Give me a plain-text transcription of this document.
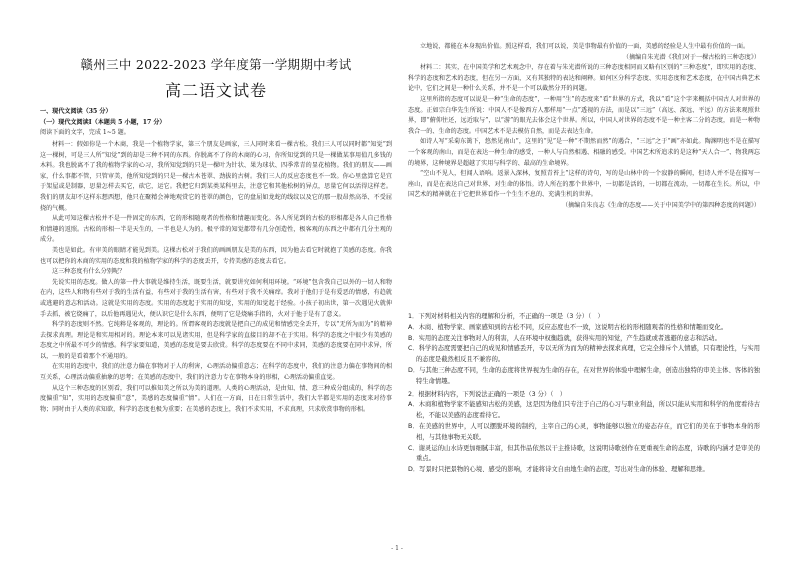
赣州三中 2022-2023 学年度第一学期期中考试
高二语文试卷

一、现代文阅读（35 分）

（一）现代文阅读Ⅰ（本题共 5 小题，17 分）

阅读下面的文字，完成 1~5 题。

材料一：假如你是一个木商，我是一个植物学家，第三个朋友是画家，三人同时来看一棵古松。我们三人可以同时都“知觉”到这一棵树，可是三人所“知觉”到的却是三种不同的东西。你脱离不了你的木商的心习，你所知觉到的只是一棵做某事用值几多钱的木料。我也脱离不了我的植物学家的心习，我所知觉到的只是一棵叶为针状、果为球状、四季常青的显花植物。我们的朋友——画家，什么事都不管，只管审美，他所知觉到的只是一棵古木苍翠、劲拔的古树。我们三人的反应态度也不一致。你心里盘算它是宜于架屋或是制器，思量怎样去买它，砍它，运它。我把它归到某类某科里去，注意它和其他松树的异点，思量它何以活得这样老。我们的朋友却不这样东想西想，他只在聚精会神地观赏它的苍翠的颜色，它的盘屈如龙蛇的线纹以及它的那一股昂然高举、不受屈挠的气概。

从此可知这棵古松并不是一件固定的东西，它的形相随观者的性格和情趣而变化。各人所见到的古松的形相都是各人自己性格和情趣的返照。古松的形相一半是天生的，一半也是人为的。极平常的知觉都带有几分创造性，极客观的东西之中都有几分主观的成分。

美也是如此。有审美的眼睛才能见到美。这棵古松对于我们的画画朋友是美的东西，因为他去看它时就抱了美感的态度。你我也可以把你的木商的实用的态度和我的植物学家的科学的态度丢开，专持美感的态度去看它。

这三种态度有什么分别呢？

先说实用的态度。做人的第一件大事就是维持生活，既要生活，就要讲究如何利用环境。“环境”包含我自己以外的一切人和物在内，这些人和物有些对于我的生活有益，有些对于我的生活有害，有些对于我不关痛痒。我对于他们于是有爱恶的情感，有趋就或逃避的意志和活动。这就是实用的态度。实用的态度起于实用的知觉，实用的知觉起于经验。小孩子初出世，第一次遇见火就伸手去抓，被它烧痛了，以后他再遇见火，便认识它是什么东西，便明了它是烧痛手指的，火对于他于是有了意义。

科学的态度则不然。它纯粹是客观的，理论的。所谓客观的态度就是把自己的成见和情感完全丢开，专以“无所为而为”的精神去探求真理。理论是和实用相对的。理论本来可以见诸实用，但是科学家的直接目的却不在于实用。科学的态度之中很少有美感的态度之中所最不可少的情感。科学家要知道，美感的态度是要去欣赏。科学的态度要在不同中求同，美感的态度要在同中求异，所以，一般的是看着那个不通用的。

在实用的态度中，我们的注意力偏在事物对于人的利害，心理活动偏重意志；在科学的态度中，我们的注意力偏在事物间的相互关系，心理活动偏重抽象的思考；在美感的态度中，我们的注意力专在事物本身的形相，心理活动偏重直觉。

从这个三种态度的区别看，我们可以推知美之所以为美的道理。人类的心理活动，是由知、情、意三种成分组成的，科学的态度偏重“知”，实用的态度偏重“意”，美感的态度偏重“情”。人们在一方面，日在日常生活中，我们大半都是实用的态度来对待事物；同时由于人类的求知欲，科学的态度也极为重要；在美感的态度上，我们不求实用，不求真理，只求欣赏事物的形相。

立地说，都能在本身现出价值。照这样看，我们可以说，美是事物最有价值的一面，美感的经验是人生中最有价值的一面。

（摘编自朱光潜《我们对于一棵古松的三种态度》）

材料二：其实，在中国美学和艺术观念中，存在着与朱光潜所说的三种态度相同而又略有区别的“三种态度”，即实用的态度、科学的态度和艺术的态度，但在另一方面，又有其独特的表达和阐释。如何区分科学态度、实用态度和艺术态度，在中国古典艺术论中，它们之间是一种什么关系，并不是一个可以截然分开的问题。

这里所指的态度可以说是一种“生命的态度”，一种用“生”的态度来“看”世界的方式，我以“看”这个字来概括中国古人对世界的态度。正如宗白华先生所说：中国人不是像西方人那样用“一点”透视的方法，而是以“三远”（高远、深远、平远）的方法来观照世界，即“俯仰往还，远近取与”，以“游”的眼光去体会这个世界。所以，中国人对世界的态度不是一种主客二分的态度，而是一种物我合一的、生命的态度。中国艺术不是去模仿自然，而是去表达生命。

如诗人写“采菊东篱下，悠然见南山”，这里的“见”是一种“不期然而然”的遇合，“三远”之于“画”亦如此。陶渊明也不是在描写一个客观的南山，而是在表达一种生命的感受，一种人与自然相遇、相融的感受。中国艺术所追求的是这种“天人合一”、物我两忘的境界，这种境界是超越了实用与科学的、最高的生命境界。

“空山不见人，但闻人语响。返景入深林，复照青苔上”这样的诗句，写的是山林中的一个寂静的瞬间，但诗人并不是在描写一座山，而是在表达自己对世界、对生命的体悟。诗人所在的那个世界中，一切都是活的，一切都在流动，一切都在生长。所以，中国艺术的精神就在于它把世界看作一个生生不息的、充满生机的世界。

（摘编自朱良志《生命的态度——关于中国美学中的第四种态度的问题》）

1．下列对材料相关内容的理解和分析，不正确的一项是（3 分）（　）

A．木商、植物学家、画家感知到的古松不同，反应态度也不一致，这说明古松的形相随观者的性格和情趣而变化。

B．实用的态度关注事物对人的利害，人在环境中权衡趋就，获得实用的知觉，产生趋就或者逃避的意志和活动。

C．科学的态度需要把自己的成见和情感丢开，专以无所为而为的精神去探求真理，它完全排斥个人情感，只有理论性，与实用的态度是截然相反且不兼容的。

D．与其他三种态度不同，生命的态度将世界视为生命的存在，在对世界的体验中理解生命，创造出独特的审美主体、客体的独特生命情趣。

2．根据材料内容，下列说法正确的一项是（3 分）（　）

A．木商和植物学家不能感知古松的美感，这是因为他们只专注于自己的心习与职业利益，所以只能从实用和科学的角度看待古松，不能以美感的态度看待它。

B．在美感的世界中，人可以摆脱环境的制约，主宰自己的心灵，事物能够以独立的姿态存在，而它们的美在于事物本身的形相，与其他事物无关联。

C．谢灵运的山水诗更加细腻丰富，但其作品依然以干主推诗歌，这说明诗歌创作在更重视生命的态度，诗歌的内涵才是审美的重点。

D．写景时只把景物的心境、感受的影响，才能将诗文自由地生命的态度，写出对生命的体验、理解和思维。

- 1 -
